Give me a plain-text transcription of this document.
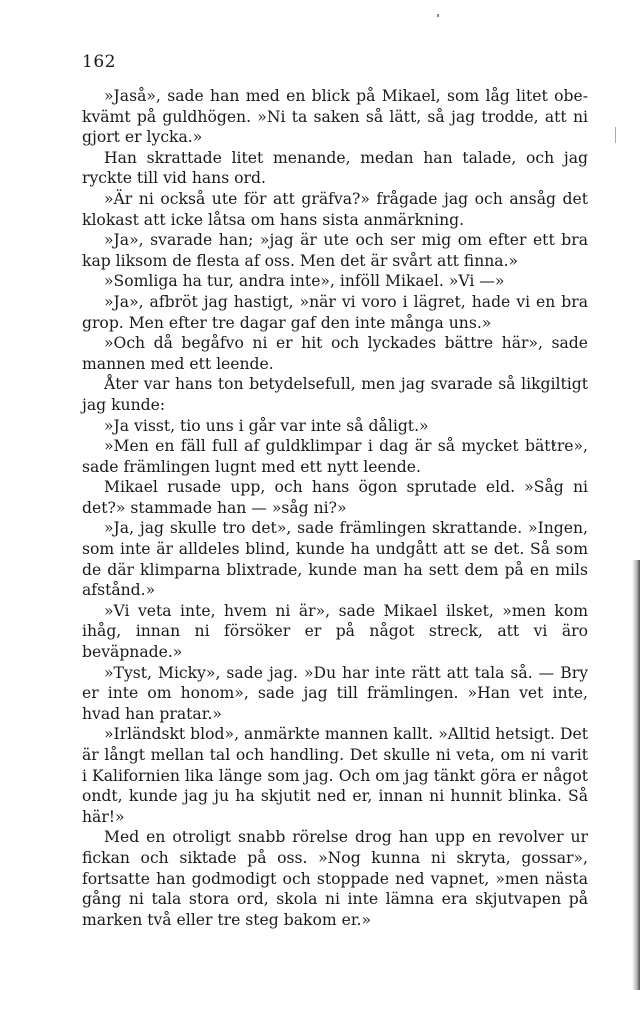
162

»Jaså», sade han med en blick på Mikael, som låg litet obekvämt på guldhögen. »Ni ta saken så lätt, så jag trodde, att ni gjort er lycka.»

Han skrattade litet menande, medan han talade, och jag ryckte till vid hans ord.

»Är ni också ute för att gräfva?» frågade jag och ansåg det klokast att icke låtsa om hans sista anmärkning.

»Ja», svarade han; »jag är ute och ser mig om efter ett bra kap liksom de flesta af oss. Men det är svårt att finna.»

»Somliga ha tur, andra inte», inföll Mikael. »Vi —»

»Ja», afbröt jag hastigt, »när vi voro i lägret, hade vi en bra grop. Men efter tre dagar gaf den inte många uns.»

»Och då begåfvo ni er hit och lyckades bättre här», sade mannen med ett leende.

Åter var hans ton betydelsefull, men jag svarade så likgiltigt jag kunde:

»Ja visst, tio uns i går var inte så dåligt.»

»Men en fäll full af guldklimpar i dag är så mycket bättre», sade främlingen lugnt med ett nytt leende.

Mikael rusade upp, och hans ögon sprutade eld. »Såg ni det?» stammade han — »såg ni?»

»Ja, jag skulle tro det», sade främlingen skrattande. »Ingen, som inte är alldeles blind, kunde ha undgått att se det. Så som de där klimparna blixtrade, kunde man ha sett dem på en mils afstånd.»

»Vi veta inte, hvem ni är», sade Mikael ilsket, »men kom ihåg, innan ni försöker er på något streck, att vi äro beväpnade.»

»Tyst, Micky», sade jag. »Du har inte rätt att tala så. — Bry er inte om honom», sade jag till främlingen. »Han vet inte, hvad han pratar.»

»Irländskt blod», anmärkte mannen kallt. »Alltid hetsigt. Det är långt mellan tal och handling. Det skulle ni veta, om ni varit i Kalifornien lika länge som jag. Och om jag tänkt göra er något ondt, kunde jag ju ha skjutit ned er, innan ni hunnit blinka. Så här!»

Med en otroligt snabb rörelse drog han upp en revolver ur fickan och siktade på oss. »Nog kunna ni skryta, gossar», fortsatte han godmodigt och stoppade ned vapnet, »men nästa gång ni tala stora ord, skola ni inte lämna era skjutvapen på marken två eller tre steg bakom er.»
